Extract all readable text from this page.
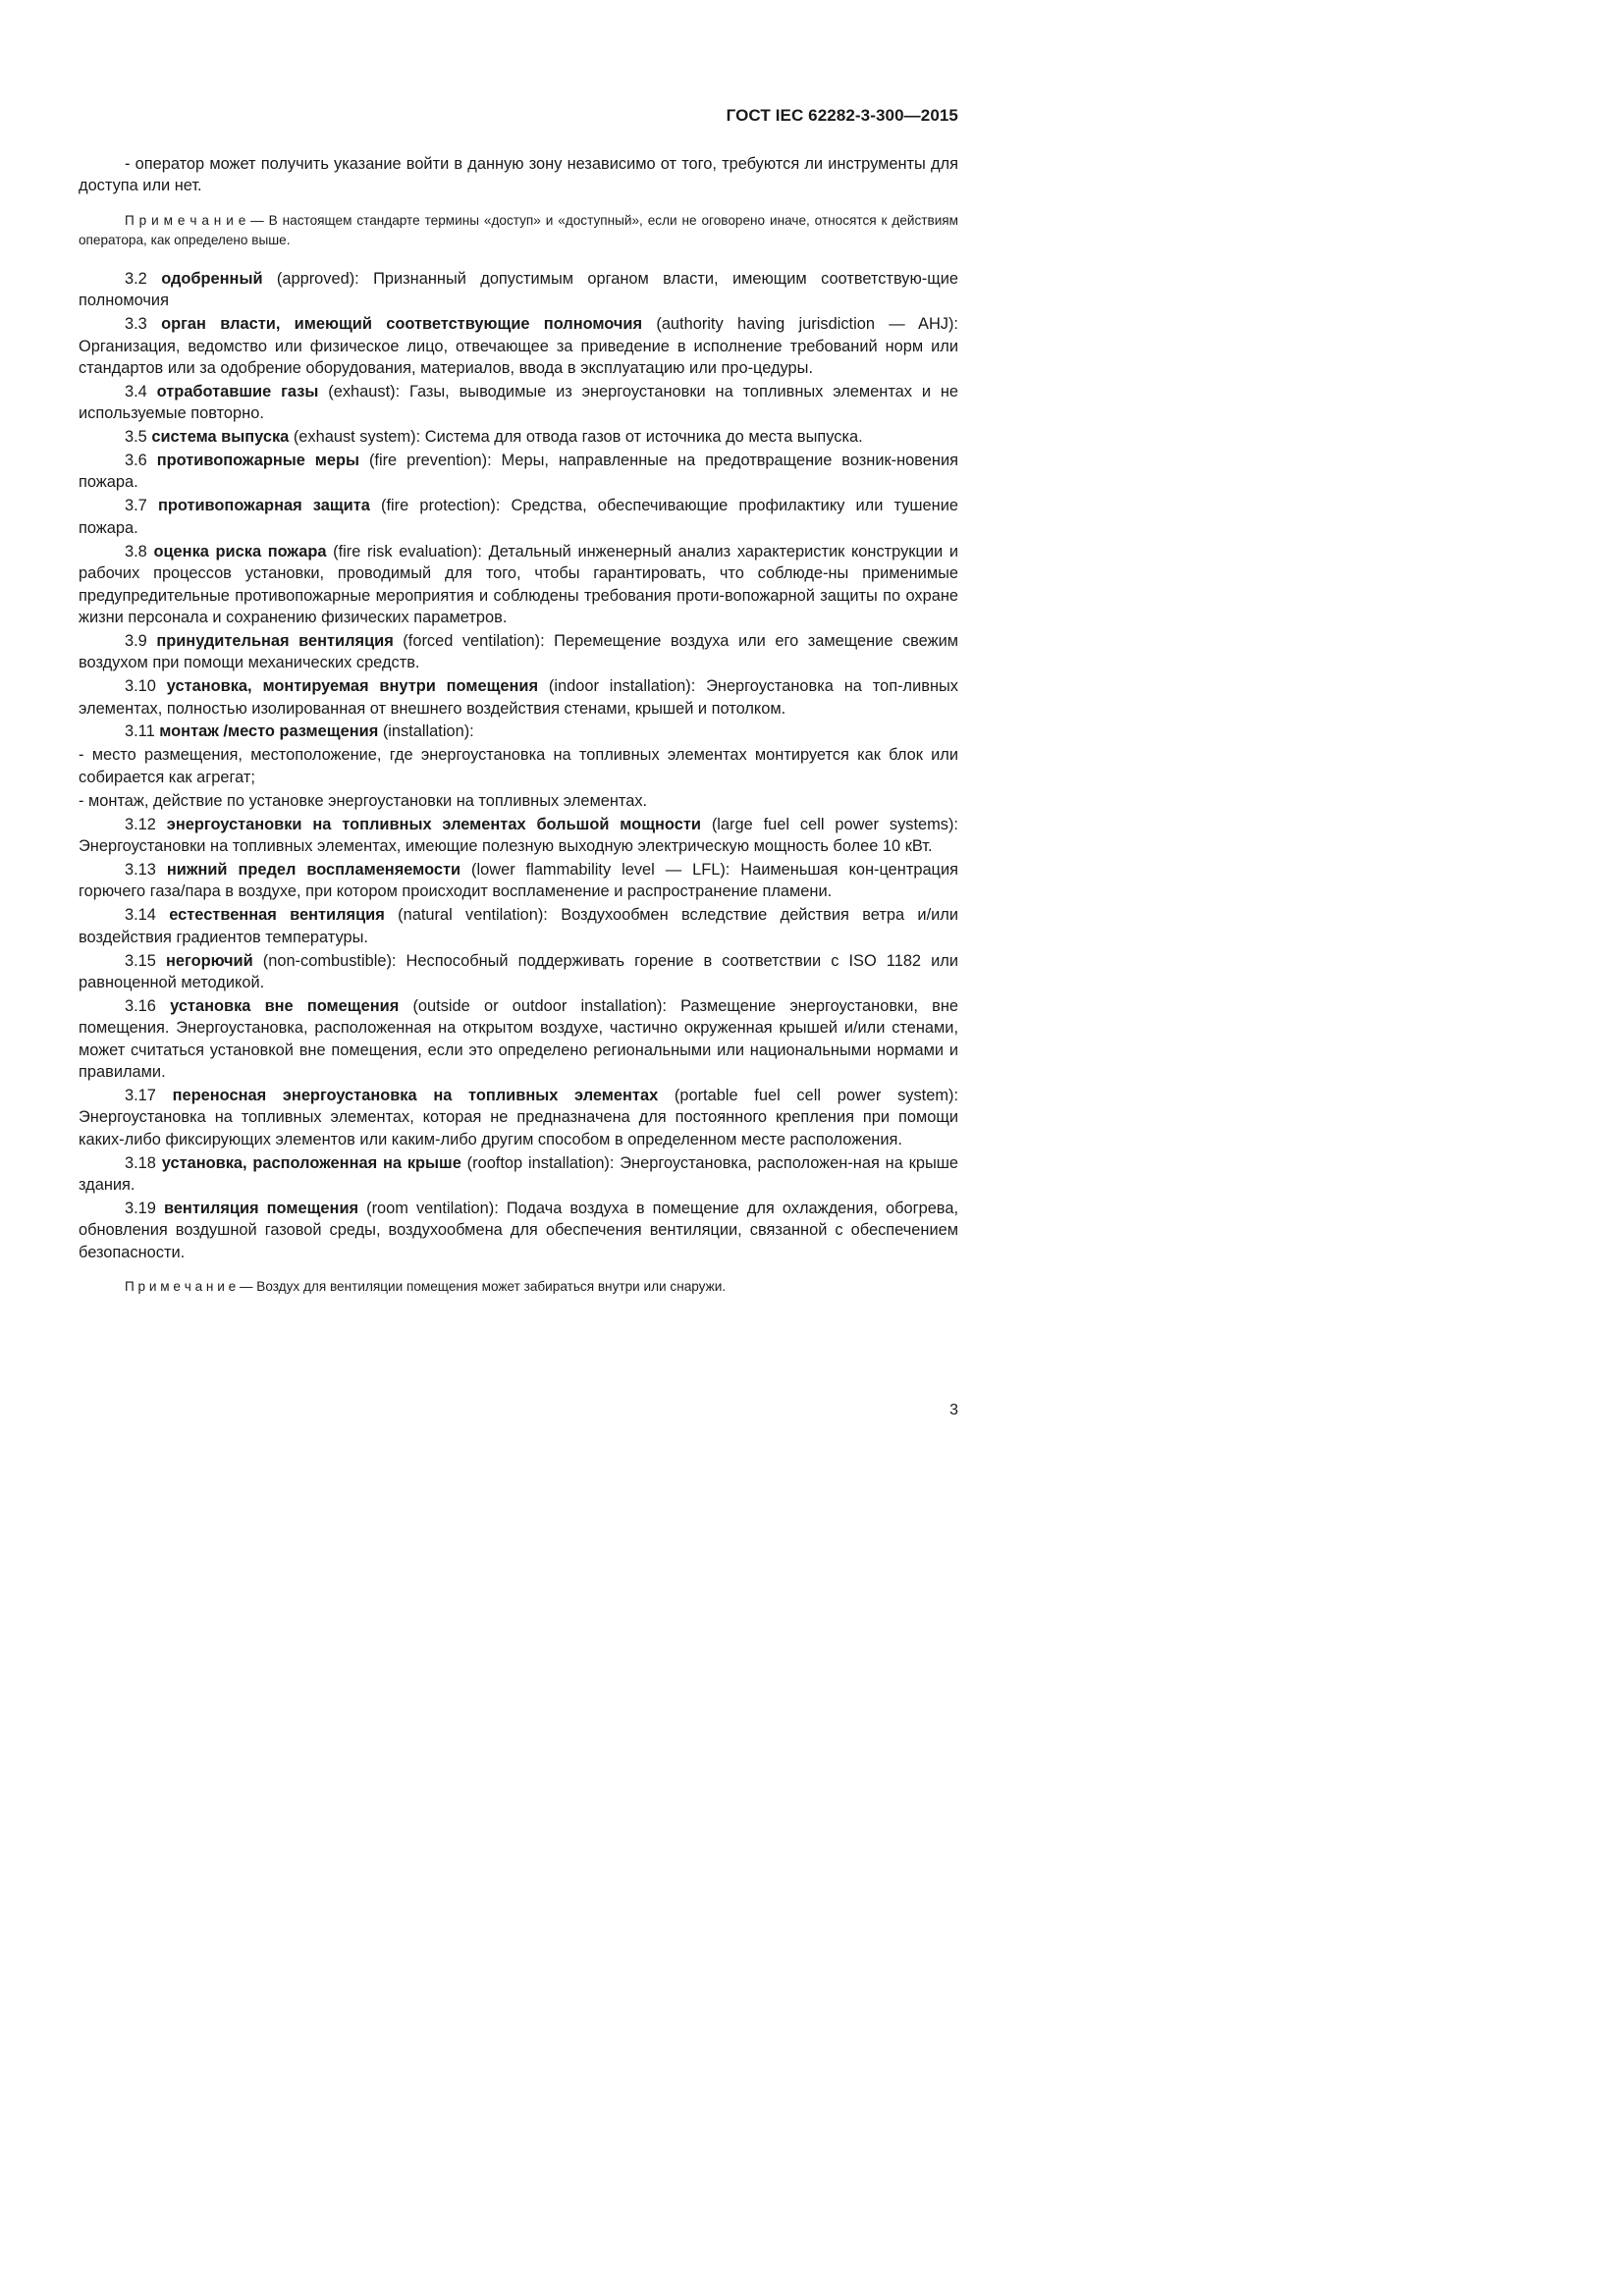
ГОСТ IEC 62282-3-300—2015

- оператор может получить указание войти в данную зону независимо от того, требуются ли инструменты для доступа или нет.

П р и м е ч а н и е — В настоящем стандарте термины «доступ» и «доступный», если не оговорено иначе, относятся к действиям оператора, как определено выше.

3.2 одобренный (approved): Признанный допустимым органом власти, имеющим соответствую-щие полномочия

3.3 орган власти, имеющий соответствующие полномочия (authority having jurisdiction — AHJ): Организация, ведомство или физическое лицо, отвечающее за приведение в исполнение требований норм или стандартов или за одобрение оборудования, материалов, ввода в эксплуатацию или про-цедуры.

3.4 отработавшие газы (exhaust): Газы, выводимые из энергоустановки на топливных элементах и не используемые повторно.

3.5 система выпуска (exhaust system): Система для отвода газов от источника до места выпуска.

3.6 противопожарные меры (fire prevention): Меры, направленные на предотвращение возник-новения пожара.

3.7 противопожарная защита (fire protection): Средства, обеспечивающие профилактику или тушение пожара.

3.8 оценка риска пожара (fire risk evaluation): Детальный инженерный анализ характеристик конструкции и рабочих процессов установки, проводимый для того, чтобы гарантировать, что соблюде-ны применимые предупредительные противопожарные мероприятия и соблюдены требования проти-вопожарной защиты по охране жизни персонала и сохранению физических параметров.

3.9 принудительная вентиляция (forced ventilation): Перемещение воздуха или его замещение свежим воздухом при помощи механических средств.

3.10 установка, монтируемая внутри помещения (indoor installation): Энергоустановка на топ-ливных элементах, полностью изолированная от внешнего воздействия стенами, крышей и потолком.

3.11 монтаж /место размещения (installation):

- место размещения, местоположение, где энергоустановка на топливных элементах монтируется как блок или собирается как агрегат;

- монтаж, действие по установке энергоустановки на топливных элементах.

3.12 энергоустановки на топливных элементах большой мощности (large fuel cell power systems): Энергоустановки на топливных элементах, имеющие полезную выходную электрическую мощность более 10 кВт.

3.13 нижний предел воспламеняемости (lower flammability level — LFL): Наименьшая кон-центрация горючего газа/пара в воздухе, при котором происходит воспламенение и распространение пламени.

3.14 естественная вентиляция (natural ventilation): Воздухообмен вследствие действия ветра и/или воздействия градиентов температуры.

3.15 негорючий (non-combustible): Неспособный поддерживать горение в соответствии с ISO 1182 или равноценной методикой.

3.16 установка вне помещения (outside or outdoor installation): Размещение энергоустановки, вне помещения. Энергоустановка, расположенная на открытом воздухе, частично окруженная крышей и/или стенами, может считаться установкой вне помещения, если это определено региональными или национальными нормами и правилами.

3.17 переносная энергоустановка на топливных элементах (portable fuel cell power system): Энергоустановка на топливных элементах, которая не предназначена для постоянного крепления при помощи каких-либо фиксирующих элементов или каким-либо другим способом в определенном месте расположения.

3.18 установка, расположенная на крыше (rooftop installation): Энергоустановка, расположен-ная на крыше здания.

3.19 вентиляция помещения (room ventilation): Подача воздуха в помещение для охлаждения, обогрева, обновления воздушной газовой среды, воздухообмена для обеспечения вентиляции, связанной с обеспечением безопасности.

П р и м е ч а н и е — Воздух для вентиляции помещения может забираться внутри или снаружи.

3
